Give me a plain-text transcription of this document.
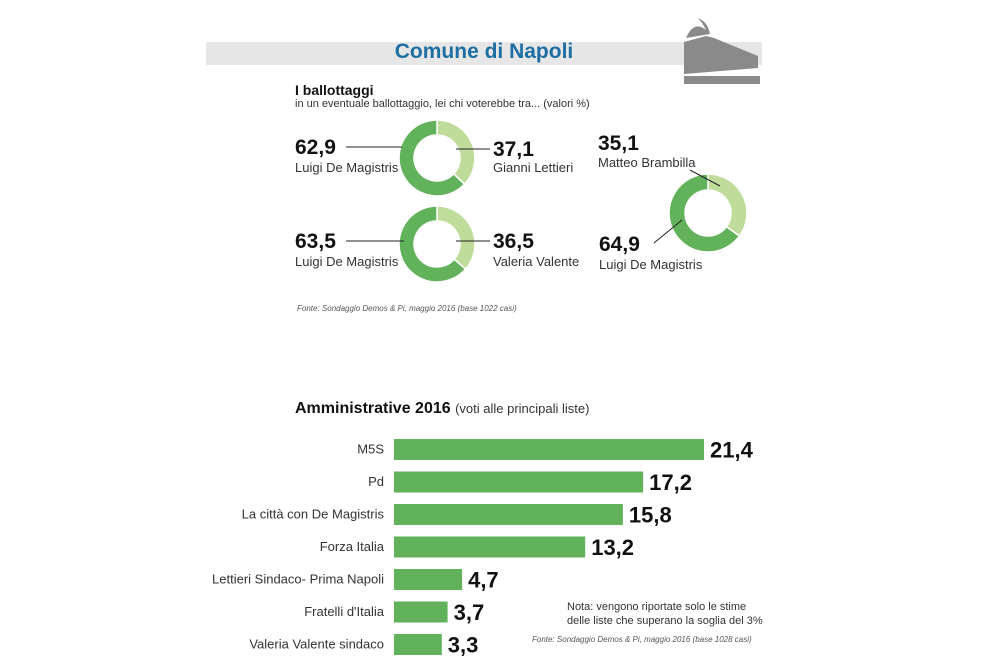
Comune di Napoli
I ballottaggi
in un eventuale ballottaggio, lei chi voterebbe tra... (valori %)
62,9
Luigi De Magistris
37,1
Gianni Lettieri
63,5
Luigi De Magistris
36,5
Valeria Valente
35,1
Matteo Brambilla
64,9
Luigi De Magistris
Fonte: Sondaggio Demos & Pi, maggio 2016 (base 1022 casi)
Amministrative 2016 (voti alle principali liste)
M5S	21,4
Pd	17,2
La città con De Magistris	15,8
Forza Italia	13,2
Lettieri Sindaco- Prima Napoli	4,7
Fratelli d'Italia	3,7
Valeria Valente sindaco	3,3
Nota: vengono riportate solo le stime
delle liste che superano la soglia del 3%
Fonte: Sondaggio Demos & Pi, maggio 2016 (base 1028 casi)
